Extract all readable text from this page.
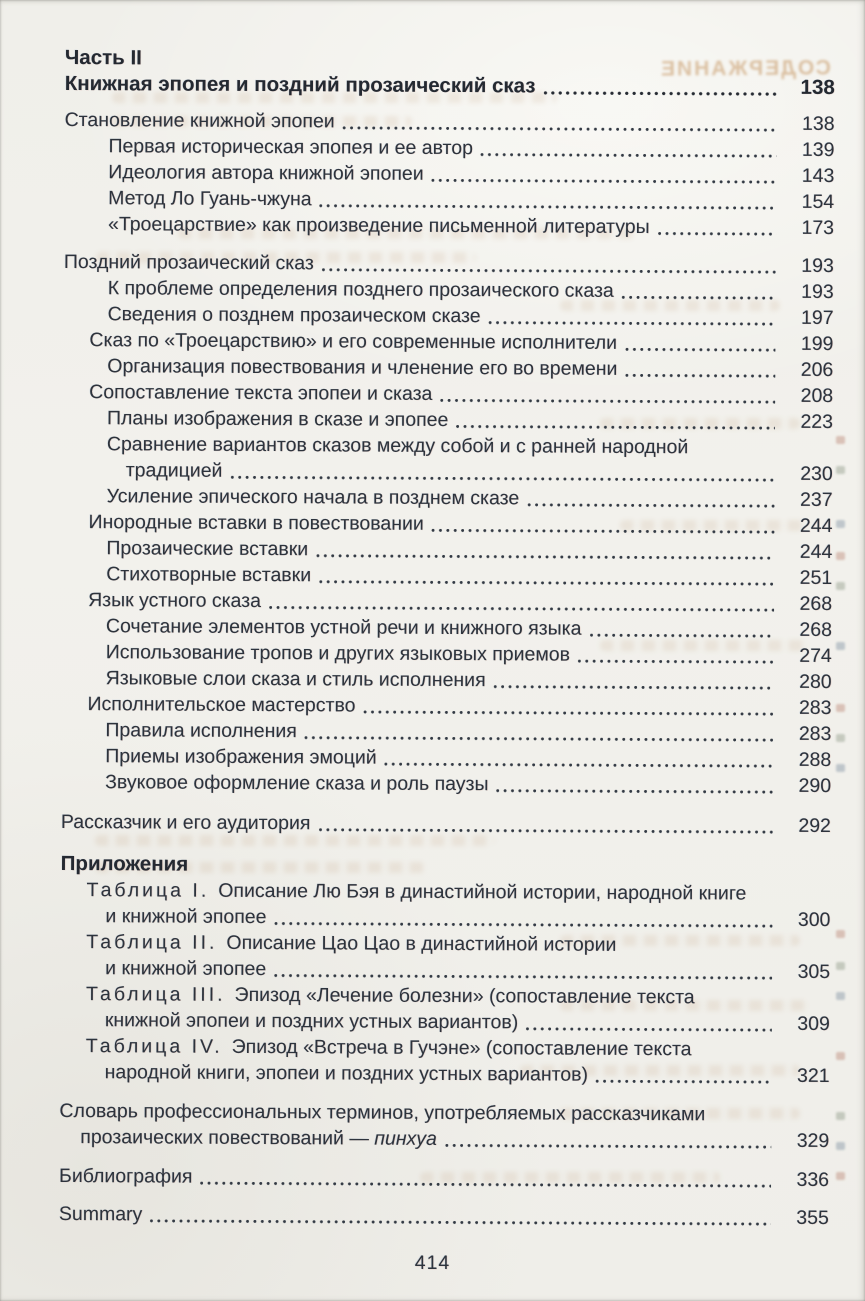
СОДЕРЖАНИЕ
Часть II
Книжная эпопея и поздний прозаический сказ	138
Становление книжной эпопеи	138
Первая историческая эпопея и ее автор	139
Идеология автора книжной эпопеи	143
Метод Ло Гуань-чжуна	154
«Троецарствие» как произведение письменной литературы	173
Поздний прозаический сказ	193
К проблеме определения позднего прозаического сказа	193
Сведения о позднем прозаическом сказе	197
Сказ по «Троецарствию» и его современные исполнители	199
Организация повествования и членение его во времени	206
Сопоставление текста эпопеи и сказа	208
Планы изображения в сказе и эпопее	223
Сравнение вариантов сказов между собой и с ранней народной
традицией	230
Усиление эпического начала в позднем сказе	237
Инородные вставки в повествовании	244
Прозаические вставки	244
Стихотворные вставки	251
Язык устного сказа	268
Сочетание элементов устной речи и книжного языка	268
Использование тропов и других языковых приемов	274
Языковые слои сказа и стиль исполнения	280
Исполнительское мастерство	283
Правила исполнения	283
Приемы изображения эмоций	288
Звуковое оформление сказа и роль паузы	290
Рассказчик и его аудитория	292
Приложения
Таблица I. Описание Лю Бэя в династийной истории, народной книге
и книжной эпопее	300
Таблица II. Описание Цао Цао в династийной истории
и книжной эпопее	305
Таблица III. Эпизод «Лечение болезни» (сопоставление текста
книжной эпопеи и поздних устных вариантов)	309
Таблица IV. Эпизод «Встреча в Гучэне» (сопоставление текста
народной книги, эпопеи и поздних устных вариантов)	321
Словарь профессиональных терминов, употребляемых рассказчиками
прозаических повествований — пинхуа	329
Библиография	336
Summary	355
414
